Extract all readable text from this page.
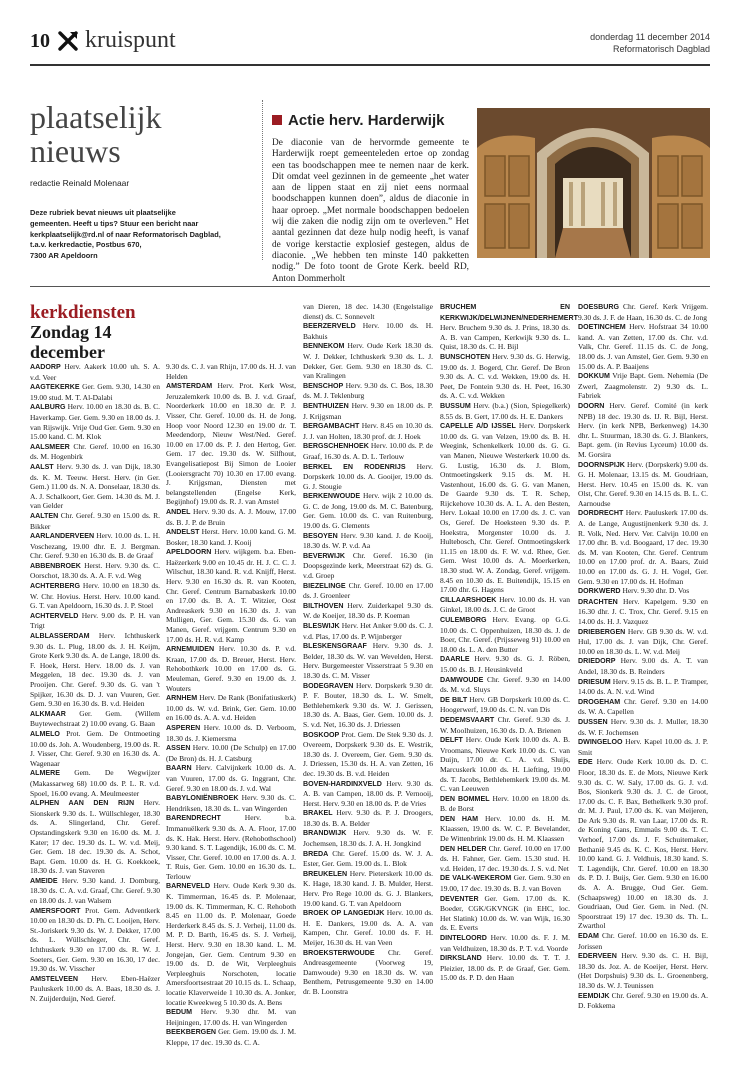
10 kruispunt	donderdag 11 december 2014
Reformatorisch Dagblad
plaatselijk
nieuws
redactie Reinald Molenaar
Deze rubriek bevat nieuws uit plaatselijke
gemeenten. Heeft u tips? Stuur een bericht naar
kerkplaatselijk@rd.nl of naar Reformatorisch Dagblad,
t.a.v. kerkredactie, Postbus 670,
7300 AR Apeldoorn
Actie herv. Harderwijk
De diaconie van de hervormde gemeente te Harderwijk roept gemeenteleden ertoe op zondag een tas boodschappen mee te nemen naar de kerk. Dit omdat veel gezinnen in de gemeente „het water aan de lippen staat en zij niet eens normaal boodschappen kunnen doen”, aldus de diaconie in haar oproep. „Met normale boodschappen bedoelen wij die zaken die nodig zijn om te overleven.” Het aantal gezinnen dat deze hulp nodig heeft, is vanaf de vorige kerstactie explosief gestegen, aldus de diaconie. „We hebben ten minste 140 pakketten nodig.” De foto toont de Grote Kerk. beeld RD, Anton Dommerholt
kerkdiensten
Zondag 14
december

AADORP Herv. Aakerk 10.00 uh. S. A. v.d. Veer

AAGTEKERKE Ger. Gem. 9.30, 14.30 en 19.00 stud. M. T. Al-Dalabi

AALBURG Herv. 10.00 en 18.30 ds. B. C. Haverkamp. Ger. Gem. 9.30 en 18.00 ds. J. van Rijswijk. Vrije Oud Ger. Gem. 9.30 en 15.00 kand. C. M. Klok

AALSMEER Chr. Geref. 10.00 en 16.30 ds. M. Hogenbirk

AALST Herv. 9.30 ds. J. van Dijk, 18.30 ds. K. M. Teeuw. Herst. Herv. (in Ger. Gem.) 11.00 ds. N. A. Donselaar, 18.30 ds. A. J. Schalkoort, Ger. Gem. 14.30 ds. M. J. van Gelder

AALTEN Chr. Geref. 9.30 en 15.00 ds. R. Bikker

AARLANDERVEEN Herv. 10.00 ds. L. H. Voschezang, 19.00 dhr. E. J. Bergman. Chr. Geref. 9.30 en 16.30 ds. B. de Graaf

ABBENBROEK Herst. Herv. 9.30 ds. C. Oorschot, 18.30 ds. A. A. F. v.d. Weg

ACHTERBERG Herv. 10.00 en 18.30 ds. W. Chr. Hovius. Herst. Herv. 10.00 kand. G. T. van Apeldoorn, 16.30 ds. J. P. Stoel

ACHTERVELD Herv. 9.00 ds. P. H. van Trigt

ALBLASSERDAM Herv. Ichthuskerk 9.30 ds. L. Plug, 18.00 ds. J. H. Keijm, Grote Kerk 9.30 ds. A. de Lange, 18.00 ds. F. Hoek, Herst. Herv. 18.00 ds. J. van Meggelen, 18 dec. 19.30 ds. J. van Prooijen. Chr. Geref. 9.30 ds. G. van 't Spijker, 16.30 ds. D. J. van Vuuren, Ger. Gem. 9.30 en 16.30 ds. B. v.d. Heiden

ALKMAAR Ger. Gem. (Willem Buytewechstraat 2) 10.00 evang. G. Baan

ALMELO Prot. Gem. De Ontmoeting 10.00 ds. Joh. A. Woudenberg, 19.00 ds. R. J. Visser, Chr. Geref. 9.30 en 16.30 ds. A. Wagenaar

ALMERE Gem. De Wegwijzer (Makassarweg 68) 10.00 ds. P. L. R. v.d. Spoel, 16.00 evang. A. Meulmeester

ALPHEN AAN DEN RIJN Herv. Sionskerk 9.30 ds. L. Wüllschleger, 18.30 ds. A. Slingerland, Chr. Geref. Opstandingskerk 9.30 en 16.00 ds. M. J. Kater; 17 dec. 19.30 ds. L. W. v.d. Meij, Ger. Gem. 18 dec. 19.30 ds. A. Schot, Bapt. Gem. 10.00 ds. H. G. Koekkoek, 18.30 ds. J. van Staveren

AMEIDE Herv. 9.30 kand. J. Domburg, 18.30 ds. C. A. v.d. Graaf, Chr. Geref. 9.30 en 18.00 ds. J. van Walsem

AMERSFOORT Prot. Gem. Adventkerk 10.00 en 18.30 ds. D. Ph. C. Looijen, Herv. St.-Joriskerk 9.30 ds. W. J. Dekker, 17.00 ds. L. Wüllschleger, Chr. Geref. Ichthuskerk 9.30 en 17.00 ds. R. W. J. Soeters, Ger. Gem. 9.30 en 16.30, 17 dec. 19.30 ds. W. Visscher

AMSTELVEEN Herv. Eben-Haëzer Pauluskerk 10.00 ds. A. Baas, 18.30 ds. J. N. Zuijderduijn, Ned. Geref.

9.30 ds. C. J. van Rhijn, 17.00 ds. H. J. van Helden

AMSTERDAM Herv. Prot. Kerk West, Jeruzalemkerk 10.00 ds. B. J. v.d. Graaf, Noorderkerk 10.00 en 18.30 dr. P. J. Visser, Chr. Geref. 10.00 ds. H. de Jong, Hoop voor Noord 12.30 en 19.00 dr. T. Meedendorp, Nieuw West/Ned. Geref. 10.00 en 17.00 ds. P. J. den Hertog, Ger. Gem. 17 dec. 19.30 ds. W. Silfhout, Evangelisatiepost Bij Simon de Looier (Looiersgracht 70) 10.30 en 17.00 evang. J. Krijgsman, Diensten met belangstellenden (Engelse Kerk, Begijnhof) 19.00 ds. R. J. van Amstel

ANDEL Herv. 9.30 ds. A. J. Mouw, 17.00 ds. B. J. P. de Bruin

ANDELST Herst. Herv. 10.00 kand. G. M. Bosker, 18.30 kand. J. Kooij

APELDOORN Herv. wijkgem. b.a. Eben-Haëzerkerk 9.00 en 10.45 dr. H. J. C. C. J. Wilschut, 18.30 kand. R. v.d. Knijff, Herst. Herv. 9.30 en 16.30 ds. R. van Kooten, Chr. Geref. Centrum Barnabaskerk 10.00 en 17.00 ds. B. A. T. Witzier, Oost Andreaskerk 9.30 en 16.30 ds. J. van Mulligen, Ger. Gem. 15.30 ds. G. van Manen, Geref. vrijgem. Centrum 9.30 en 17.00 ds. H. R. v.d. Kamp

ARNEMUIDEN Herv. 10.30 ds. P. v.d. Kraan, 17.00 ds. D. Breuer, Herst. Herv. Rehobothkerk 10.00 en 17.00 ds. G. Meuleman, Geref. 9.30 en 19.00 ds. J. Wouters

ARNHEM Herv. De Rank (Bonifatiuskerk) 10.00 ds. W. v.d. Brink, Ger. Gem. 10.00 en 16.00 ds. A. A. v.d. Heiden

ASPEREN Herv. 10.00 ds. D. Verboom, 18.30 ds. J. Kiemersma

ASSEN Herv. 10.00 (De Schulp) en 17.00 (De Bron) ds. H. J. Catsburg

BAARN Herv. Calvijnkerk 10.00 ds. A. van Vuuren, 17.00 ds. G. Inggrant, Chr. Geref. 9.30 en 18.00 ds. J. v.d. Wal

BABYLONIËNBROEK Herv. 9.30 ds. C. Hendriksen, 18.30 ds. L. van Wingerden

BARENDRECHT	Herv. b.a. Immanuëlkerk 9.30 ds. A. A. Floor, 17.00 ds. K. Hak. Herst. Herv. (Rehobothschool) 9.30 kand. S. T. Lagendijk, 16.00 ds. C. M. Visser, Chr. Geref. 10.00 en 17.00 ds. A. J. T. Ruis, Ger. Gem. 10.00 en 16.30 ds. L. Terlouw

BARNEVELD Herv. Oude Kerk 9.30 ds. K. Timmerman, 16.45 ds. P. Molenaar, 19.00 ds. K. Timmerman, K. C. Rehoboth 8.45 en 11.00 ds. P. Molenaar, Goede Herderkerk 8.45 ds. S. J. Verheij, 11.00 ds. M. P. D. Barth, 16.45 ds. S. J. Verheij, Herst. Herv. 9.30 en 18.30 kand. L. M. Jongejan, Ger. Gem. Centrum 9.30 en 19.00 ds. D. de Wit, Verpleeghuis Verpleeghuis Norschoten, locatie Amersfoortsestraat 20 10.15 ds. L. Schaap, locatie Klaverweide 1 10.30 ds. A. Jonker, locatie Kweekweg 5 10.30 ds. A. Bens

BEDUM Herv. 9.30 dhr. M. van Heijningen, 17.00 ds. H. van Wingerden

BEEKBERGEN Ger. Gem. 19.00 ds. J. M. Kleppe, 17 dec. 19.30 ds. C. A.

van Dieren, 18 dec. 14.30 (Engelstalige dienst) ds. C. Sonnevelt

BEERZERVELD Herv. 10.00 ds. H. Bakhuis

BENNEKOM Herv. Oude Kerk 18.30 ds. W. J. Dekker, Ichthuskerk 9.30 ds. L. J. Dekker, Ger. Gem. 9.30 en 18.30 ds. C. van Kralingen

BENSCHOP Herv. 9.30 ds. C. Bos, 18.30 ds. M. J. Teklenburg

BENTHUIZEN Herv. 9.30 en 18.00 ds. P. J. Krijgsman

BERGAMBACHT Herv. 8.45 en 10.30 ds. J. J. van Holten, 18.30 prof. dr. J. Hoek

BERGSCHENHOEK Herv. 10.00 ds. P. de Graaf, 16.30 ds. A. D. L. Terlouw

BERKEL EN RODENRIJS Herv. Dorpskerk 10.00 ds. A. Gooijer, 19.00 ds. G. J. Stougie

BERKENWOUDE Herv. wijk 2 10.00 ds. G. C. de Jong, 19.00 ds. M. C. Batenburg, Ger. Gem. 10.00 ds. C. van Ruitenburg, 19.00 ds. G. Clements

BESOYEN Herv. 9.30 kand. J. de Kooij, 18.30 ds. W. P. v.d. Aa

BEVERWIJK Chr. Geref. 16.30 (in Doopsgezinde kerk, Meerstraat 62) ds. G. v.d. Groep

BIEZELINGE Chr. Geref. 10.00 en 17.00 ds. J. Groenleer

BILTHOVEN Herv. Zuiderkapel 9.30 ds. W. de Koeijer, 18.30 ds. P. Koeman

BLESWIJK Herv. Het Anker 9.00 ds. C. J. v.d. Plas, 17.00 ds. P. Wijnberger

BLESKENSGRAAF Herv. 9.30 ds. J. Belder, 18.30 ds. W. van Wevelden, Herst. Herv. Burgemeester Visserstraat 5 9.30 en 18.30 ds. C. M. Visser

BODEGRAVEN Herv. Dorpskerk 9.30 dr. P. F. Bouter, 18.30 ds. L. W. Smelt, Bethlehemkerk 9.30 ds. W. J. Gerissen, 18.30 ds. A. Baas, Ger. Gem. 10.00 ds. J. S. v.d. Net, 16.30 ds. J. Driessen

BOSKOOP Prot. Gem. De Stek 9.30 ds. J. Overeem, Dorpskerk 9.30 ds. E. Westrik, 18.30 ds. J. Overeem, Ger. Gem. 9.30 ds. J. Driessen, 15.30 ds. H. A. van Zetten, 16 dec. 19.30 ds. B. v.d. Heiden

BOVEN-HARDINXVELD Herv. 9.30 ds. A. B. van Campen, 18.00 ds. P. Vernooij, Herst. Herv. 9.30 en 18.00 ds. P. de Vries

BRAKEL Herv. 9.30 ds. P. J. Droogers, 18.30 ds. B. A. Belder

BRANDWIJK Herv. 9.30 ds. W. F. Jochemsen, 18.30 ds. J. A. H. Jongkind

BREDA Chr. Geref. 15.00 ds. W. J. A. Ester, Ger. Gem. 19.00 ds. L. Blok

BREUKELEN Herv. Pieterskerk 10.00 ds. K. Hage, 18.30 kand. J. B. Mulder, Herst. Herv. Pro Rege 10.00 ds. G. J. Blankers, 19.00 kand. G. T. van Apeldoorn

BROEK OP LANGEDIJK Herv. 10.00 ds. H. E. Dankers, 19.00 ds. A. A. van Kampen, Chr. Geref. 10.00 ds. F. H. Meijer, 16.30 ds. H. van Veen

BROEKSTERWOUDE Chr. Geref. Andreasgemeente (Voorweg 19, Damwoude) 9.30 en 18.30 ds. W. van Benthem, Petrusgemeente 9.30 en 14.00 dr. B. Loonstra

BRUCHEM EN KERKWIJK/DELWIJNEN/NEDERHEMERT Herv. Bruchem 9.30 ds. J. Prins, 18.30 ds. A. B. van Campen, Kerkwijk 9.30 ds. L. Quist, 18.30 ds. C. H. Bijl

BUNSCHOTEN Herv. 9.30 ds. G. Herwig, 19.00 ds. J. Bogerd, Chr. Geref. De Bron 9.30 ds. A. C. v.d. Wekken, 19.00 ds. H. Peet, De Fontein 9.30 ds. H. Peet, 16.30 ds. A. C. v.d. Wekken

BUSSUM Herv. (b.a.) (Sion, Spiegelkerk) 8.55 ds. B. Gert, 17.00 ds. H. E. Dankers

CAPELLE A/D IJSSEL Herv. Dorpskerk 10.00 ds. G. van Velzen, 19.00 ds. B. H. Weegink, Schenkelkerk 10.00 ds. G. G. van Manen, Nieuwe Westerkerk 10.00 ds. G. Lustig, 16.30 ds. J. Blom, Ontmoetingskerk 9.15 ds. M. H. Vastenhout, 16.00 ds. G. G. van Manen, De Gaarde 9.30 ds. T. R. Schep, Rijckehove 10.30 ds. A. L. A. den Besten, Herv. Lokaal 10.00 en 17.00 ds. J. C. van Os, Geref. De Hoeksteen 9.30 ds. P. Hoekstra, Morgenster 10.00 ds. J. Hultebosch, Chr. Geref. Ontmoetingskerk 11.15 en 18.00 ds. F. W. v.d. Rhee, Ger. Gem. West 10.00 ds. A. Moerkerken, 18.30 stud. W. A. Zondag, Geref. vrijgem. 8.45 en 10.30 ds. E. Buitendijk, 15.15 en 17.00 dhr. G. Hagens

CILLAARSHOEK Herv. 10.00 ds. H. van Ginkel, 18.00 ds. J. C. de Groot

CULEMBORG Herv. Evang. op G.G. 10.00 ds. C. Oppenhuizen, 18.30 ds. J. de Boer, Chr. Geref. (Prijsseweg 91) 10.00 en 18.00 ds. L. A. den Butter

DAARLE Herv. 9.30 ds. G. J. Röben, 15.00 ds. B. J. Heusinkveld

DAMWOUDE Chr. Geref. 9.30 en 14.00 ds. M. v.d. Sluys

DE BILT Herv. GB Dorpskerk 10.00 ds. C. Hoogerwerf, 19.00 ds. C. N. van Dis

DEDEMSVAART Chr. Geref. 9.30 ds. J. W. Moolhuizen, 16.30 ds. D. A. Brienen

DELFT Herv. Oude Kerk 10.00 ds. A. B. Vroomans, Nieuwe Kerk 10.00 ds. C. van Duijn, 17.00 dr. C. A. v.d. Sluijs, Marcuskerk 10.00 ds. H. Liefting, 19.00 ds. T. Jacobs, Bethlehemkerk 19.00 ds. M. C. van Leeuwen

DEN BOMMEL Herv. 10.00 en 18.00 ds. B. de Borst

DEN HAM Herv. 10.00 ds. H. M. Klaassen, 19.00 ds. W. C. P. Bevelander, De Wittenbrink 19.00 ds. H. M. Klaassen

DEN HELDER Chr. Geref. 10.00 en 17.00 ds. H. Fahner, Ger. Gem. 15.30 stud. H. v.d. Heiden, 17 dec. 19.30 ds. J. S. v.d. Net

DE VALK-WEKEROM Ger. Gem. 9.30 en 19.00, 17 dec. 19.30 ds. B. J. van Boven

DEVENTER Ger. Gem. 17.00 ds. K. Boeder, CGK/GKVNGK (in EHC, loc. Het Slatink) 10.00 ds. W. van Wijk, 16.30 ds. E. Everts

DINTELOORD Herv. 10.00 ds. F. J. M. van Veldhuizen, 18.30 ds. P. T. v.d. Voorde

DIRKSLAND Herv. 10.00 ds. T. T. J. Pleizier, 18.00 ds. P. de Graaf, Ger. Gem. 15.00 ds. P. D. den Haan

DOESBURG Chr. Geref. Kerk Vrijgem. 9.30 ds. J. F. de Haan, 16.30 ds. C. de Jong

DOETINCHEM Herv. Hofstraat 34 10.00 kand. A. van Zetten, 17.00 ds. Chr. v.d. Valk, Chr. Geref. 11.15 ds. C. de Jong, 18.00 ds. J. van Amstel, Ger. Gem. 9.30 en 15.00 ds. A. P. Baaijens

DOKKUM Vrije Bapt. Gem. Nehemia (De Zwerl, Zaagmolenstr. 2) 9.30 ds. L. Fabriek

DOORN Herv. Geref. Comité (in kerk NPB) 18 dec. 19.30 ds. IJ. R. Bijl, Herst. Herv. (in kerk NPB, Berkenweg) 14.30 dhr. L. Stuurman, 18.30 ds. G. J. Blankers, Bapt. gem. (in Revius Lyceum) 10.00 ds. M. Gorsira

DOORNSPIJK Herv. (Dorpskerk) 9.00 ds. G. H. Molenaar, 13.15 ds. M. Goudriaan, Herst. Herv. 10.45 en 15.00 ds. K. van Olst, Chr. Geref. 9.30 en 14.15 ds. B. L. C. Aarnoudse

DORDRECHT Herv. Pauluskerk 17.00 ds. A. de Lange, Augustijnenkerk 9.30 ds. J. R. Volk, Ned. Herv. Ver. Calvijn 10.00 en 17.00 dhr. B. v.d. Boogaard, 17 dec. 19.30 ds. M. van Kooten, Chr. Geref. Centrum 10.00 en 17.00 prof. dr. A. Baars, Zuid 10.00 en 17.00 ds. G. J. H. Vogel, Ger. Gem. 9.30 en 17.00 ds. H. Hofman

DORKWERD Herv. 9.30 dhr. D. Vos

DRACHTEN Herv. Kapelgem. 9.30 en 16.30 dhr. J. C. Trox, Chr. Geref. 9.15 en 14.00 ds. H. J. Vazquez

DRIEBERGEN Herv. GB 9.30 ds. W. v.d. Hul, 17.00 ds. J. van Dijk, Chr. Geref. 10.00 en 18.30 ds. L. W. v.d. Meij

DRIEDORP Herv. 9.00 ds. A. T. van Andel, 18.30 ds. B. Reinders

DRIESUM Herv. 9.15 ds. B. L. P. Tramper, 14.00 ds. A. N. v.d. Wind

DROGEHAM Chr. Geref. 9.30 en 14.00 ds. W. A. Capellen

DUSSEN Herv. 9.30 ds. J. Muller, 18.30 ds. W. F. Jochemsen

DWINGELOO Herv. Kapel 10.00 ds. J. P. Smit

EDE Herv. Oude Kerk 10.00 ds. D. C. Floor, 18.30 ds. E. de Mots, Nieuwe Kerk 9.30 ds. C. W. Saly, 17.00 ds. G. J. v.d. Bos, Sionkerk 9.30 ds. J. C. de Groot, 17.00 ds. C. F. Bax, Bethelkerk 9.30 prof. dr. M. J. Paul, 17.00 ds. K. van Meijeren, De Ark 9.30 ds. R. van Laar, 17.00 ds. R. de Koning Gans, Emmaüs 9.00 ds. T. C. Verhoef, 17.00 ds. J. F. Schuitemaker, Bethanië 9.45 ds. K. C. Kos, Herst. Herv. 10.00 kand. G. J. Veldhuis, 18.30 kand. S. T. Lagendijk, Chr. Geref. 10.00 en 18.30 ds. P. D. J. Buijs, Ger. Gem. 9.30 en 16.00 ds. A. A. Brugge, Oud Ger. Gem. (Schaapsweg) 10.00 en 18.30 ds. J. Goudriaan, Oud Ger. Gem. in Ned. (N. Spoorstraat 19) 17 dec. 19.30 ds. Th. L. Zwarthol

EDAM Chr. Geref. 10.00 en 16.30 ds. E. Jorissen

EDERVEEN Herv. 9.30 ds. C. H. Bijl, 18.30 ds. Joz. A. de Koeijer, Herst. Herv. (Het Dorpshuis) 9.30 ds. L. Groenenberg, 18.30 ds. W. J. Teunissen

EEMDIJK Chr. Geref. 9.30 en 19.00 ds. A. D. Fokkema
